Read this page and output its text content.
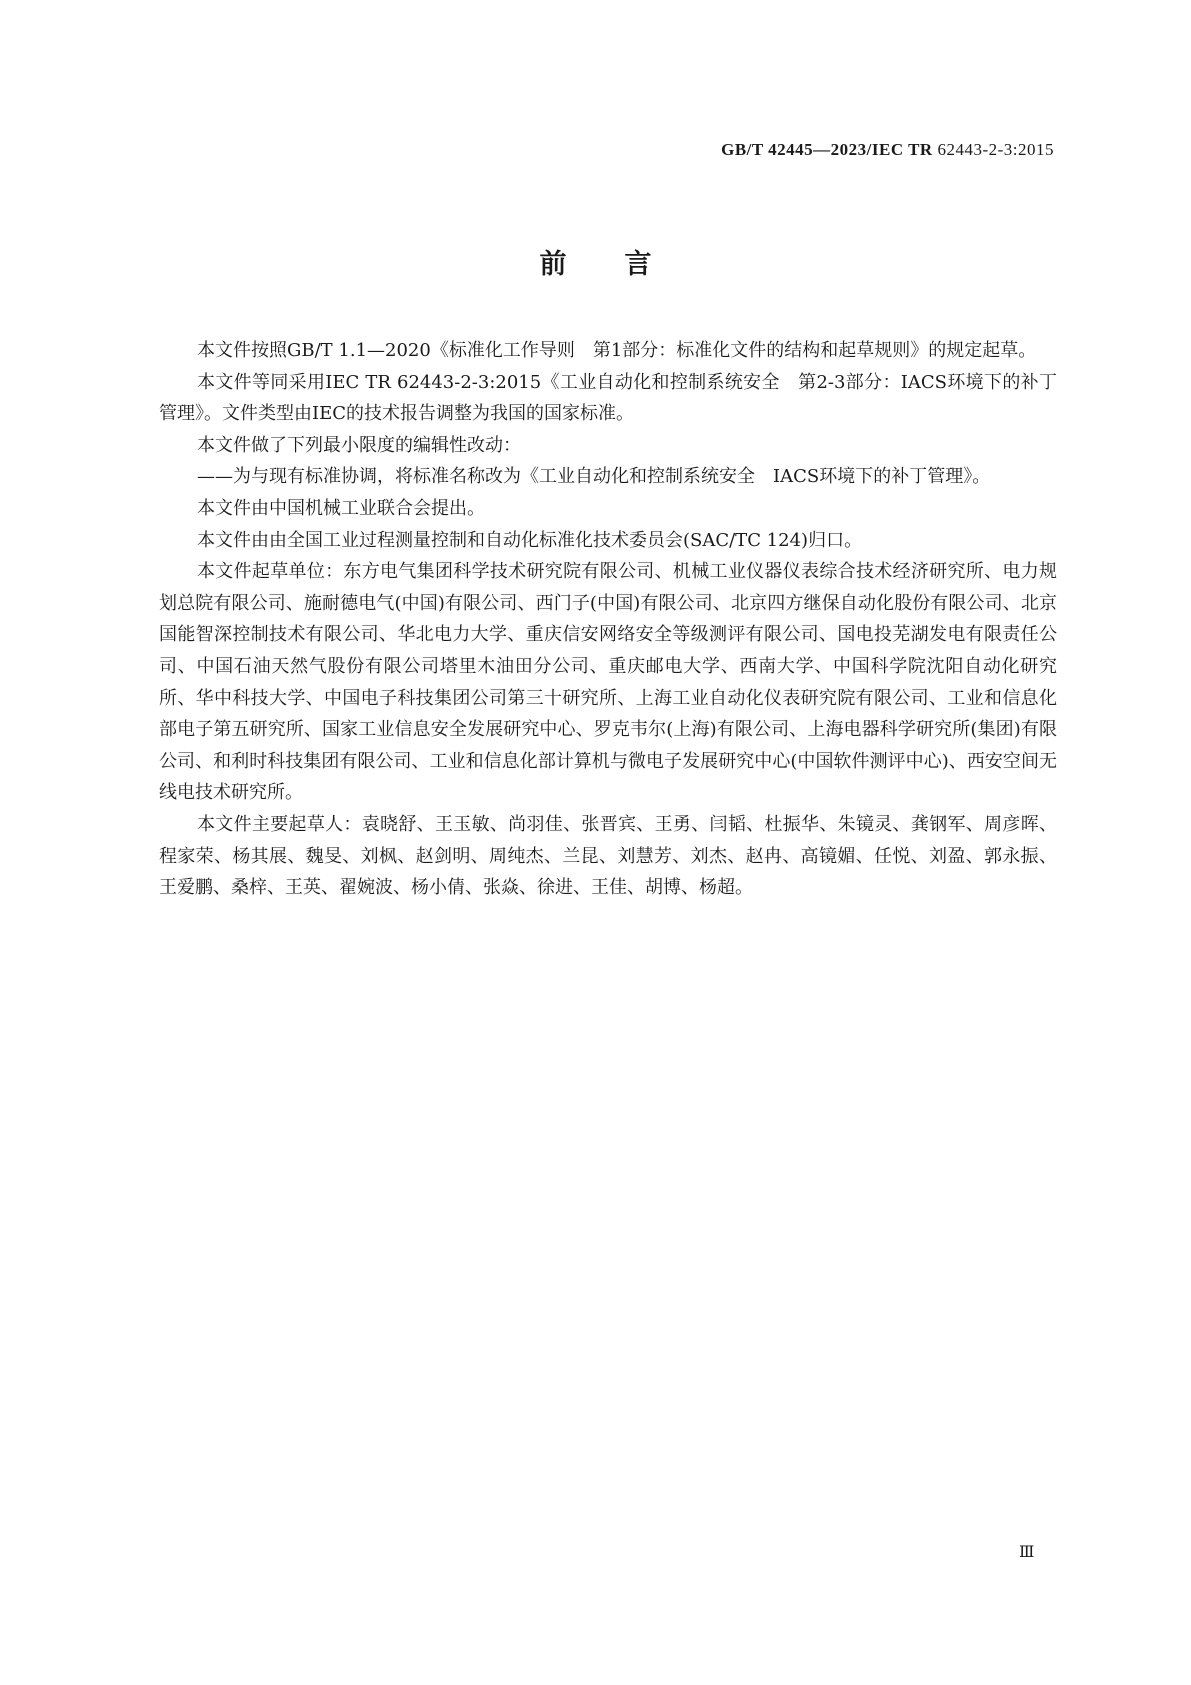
GB/T 42445—2023/IEC TR 62443-2-3:2015
前言

本文件按照GB/T 1.1—2020《标准化工作导则　第1部分：标准化文件的结构和起草规则》的规定起草。

本文件等同采用IEC TR 62443-2-3:2015《工业自动化和控制系统安全　第2-3部分：IACS环境下的补丁管理》。文件类型由IEC的技术报告调整为我国的国家标准。

本文件做了下列最小限度的编辑性改动：

——为与现有标准协调，将标准名称改为《工业自动化和控制系统安全　IACS环境下的补丁管理》。

本文件由中国机械工业联合会提出。

本文件由由全国工业过程测量控制和自动化标准化技术委员会(SAC/TC 124)归口。

本文件起草单位：东方电气集团科学技术研究院有限公司、机械工业仪器仪表综合技术经济研究所、电力规划总院有限公司、施耐德电气(中国)有限公司、西门子(中国)有限公司、北京四方继保自动化股份有限公司、北京国能智深控制技术有限公司、华北电力大学、重庆信安网络安全等级测评有限公司、国电投芜湖发电有限责任公司、中国石油天然气股份有限公司塔里木油田分公司、重庆邮电大学、西南大学、中国科学院沈阳自动化研究所、华中科技大学、中国电子科技集团公司第三十研究所、上海工业自动化仪表研究院有限公司、工业和信息化部电子第五研究所、国家工业信息安全发展研究中心、罗克韦尔(上海)有限公司、上海电器科学研究所(集团)有限公司、和利时科技集团有限公司、工业和信息化部计算机与微电子发展研究中心(中国软件测评中心)、西安空间无线电技术研究所。

本文件主要起草人：袁晓舒、王玉敏、尚羽佳、张晋宾、王勇、闫韬、杜振华、朱镜灵、龚钢军、周彦晖、程家荣、杨其展、魏旻、刘枫、赵剑明、周纯杰、兰昆、刘慧芳、刘杰、赵冉、高镜媚、任悦、刘盈、郭永振、王爱鹏、桑梓、王英、翟婉波、杨小倩、张焱、徐进、王佳、胡博、杨超。

Ⅲ
